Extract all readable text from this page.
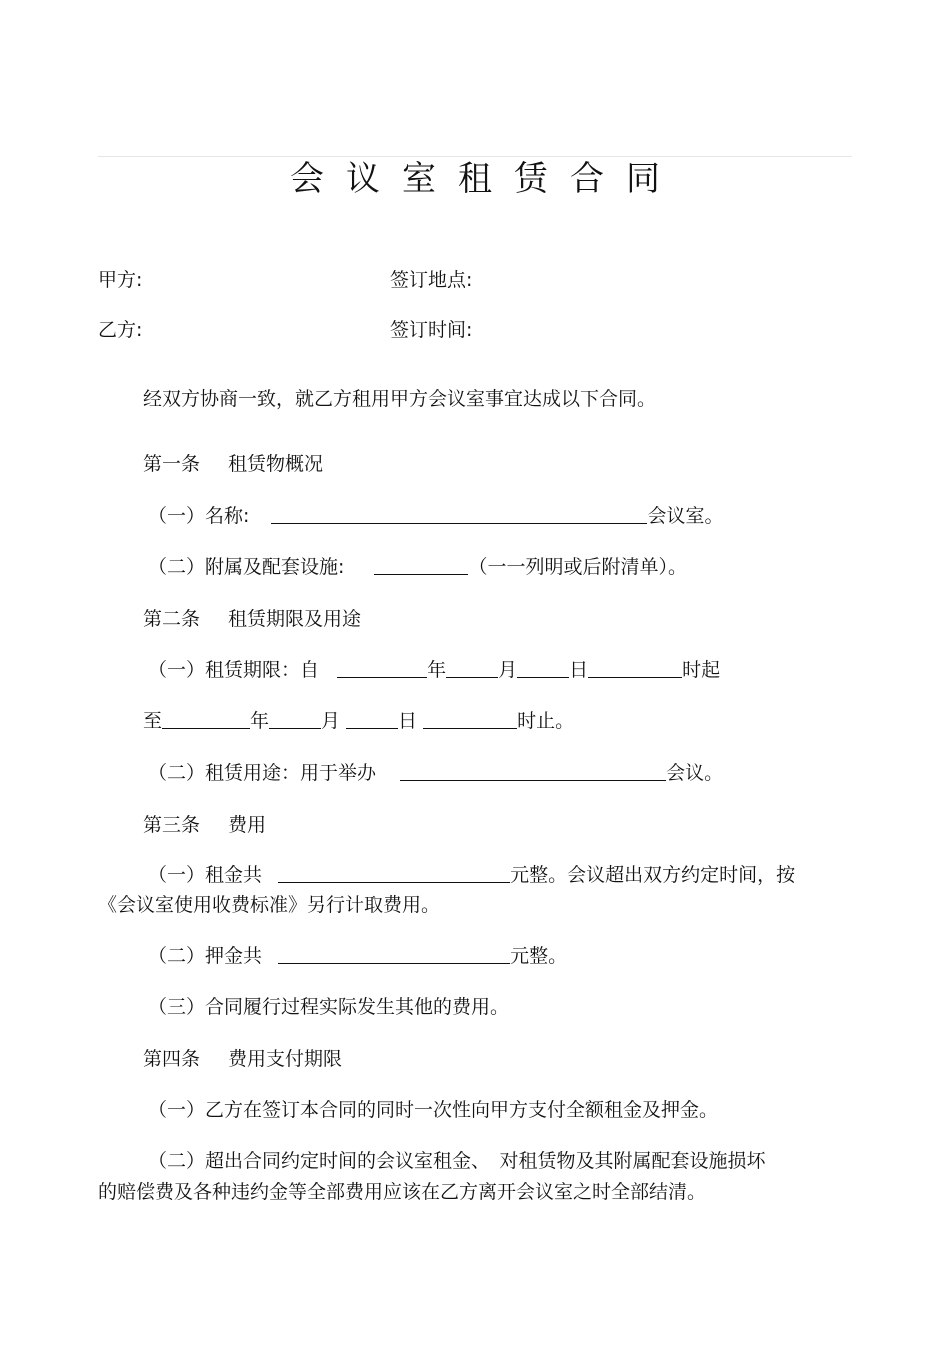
会议室租赁合同
甲方:	签订地点:
乙方:	签订时间:
经双方协商一致，就乙方租用甲方会议室事宜达成以下合同。
第一条 租赁物概况
（一）名称:	会议室。
（二）附属及配套设施:	（一一列明或后附清单）。
第二条 租赁期限及用途
（一）租赁期限：自	年	月	日	时起
至	年	月	日	时止。
（二）租赁用途：用于举办	会议。
第三条 费用
（一）租金共	元整。会议超出双方约定时间，按
《会议室使用收费标准》另行计取费用。
（二）押金共	元整。
（三）合同履行过程实际发生其他的费用。
第四条 费用支付期限
（一）乙方在签订本合同的同时一次性向甲方支付全额租金及押金。
（二）超出合同约定时间的会议室租金、　对租赁物及其附属配套设施损坏
的赔偿费及各种违约金等全部费用应该在乙方离开会议室之时全部结清。
